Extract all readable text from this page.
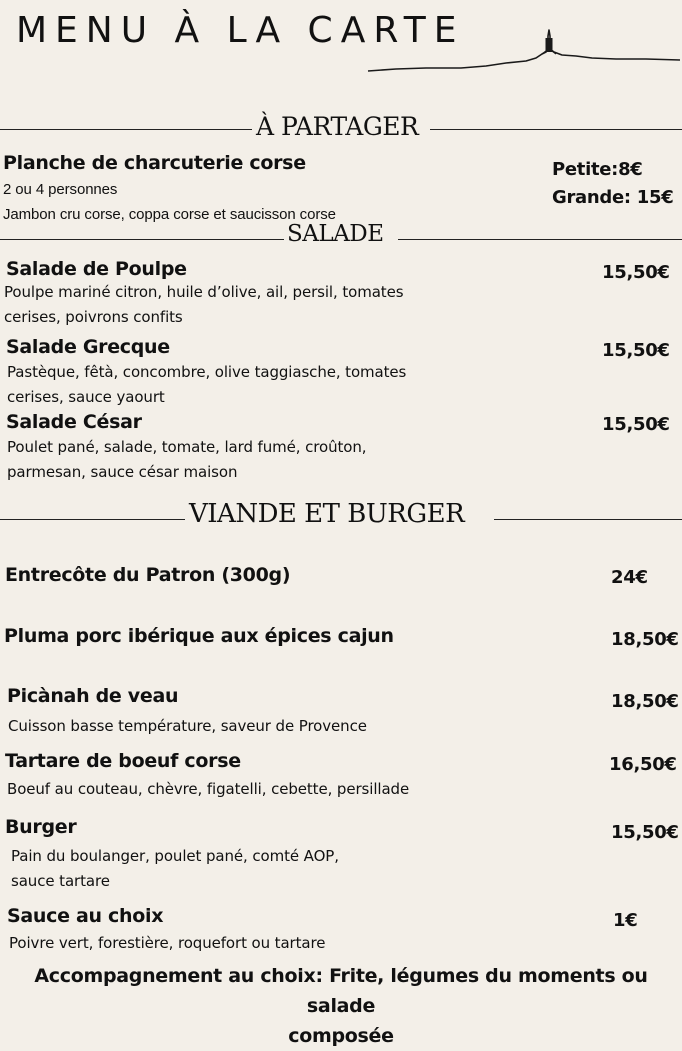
MENU À LA CARTE
À PARTAGER
Planche de charcuterie corse
2 ou 4 personnes
Jambon cru corse, coppa corse et saucisson corse
Petite:8€
Grande: 15€
SALADE
Salade de Poulpe
Poulpe mariné citron, huile d’olive, ail, persil, tomates
cerises, poivrons confits
15,50€
Salade Grecque
Pastèque, fêtà, concombre, olive taggiasche, tomates
cerises, sauce yaourt
15,50€
Salade César
Poulet pané, salade, tomate, lard fumé, croûton,
parmesan, sauce césar maison
15,50€
VIANDE ET BURGER
Entrecôte du Patron (300g)	24€
Pluma porc ibérique aux épices cajun	18,50€
Picànah de veau
Cuisson basse température, saveur de Provence
18,50€
Tartare de boeuf corse
Boeuf au couteau, chèvre, figatelli, cebette, persillade
16,50€
Burger
Pain du boulanger, poulet pané, comté AOP,
sauce tartare
15,50€
Sauce au choix
Poivre vert, forestière, roquefort ou tartare
1€
Accompagnement au choix: Frite, légumes du moments ou salade
composée
